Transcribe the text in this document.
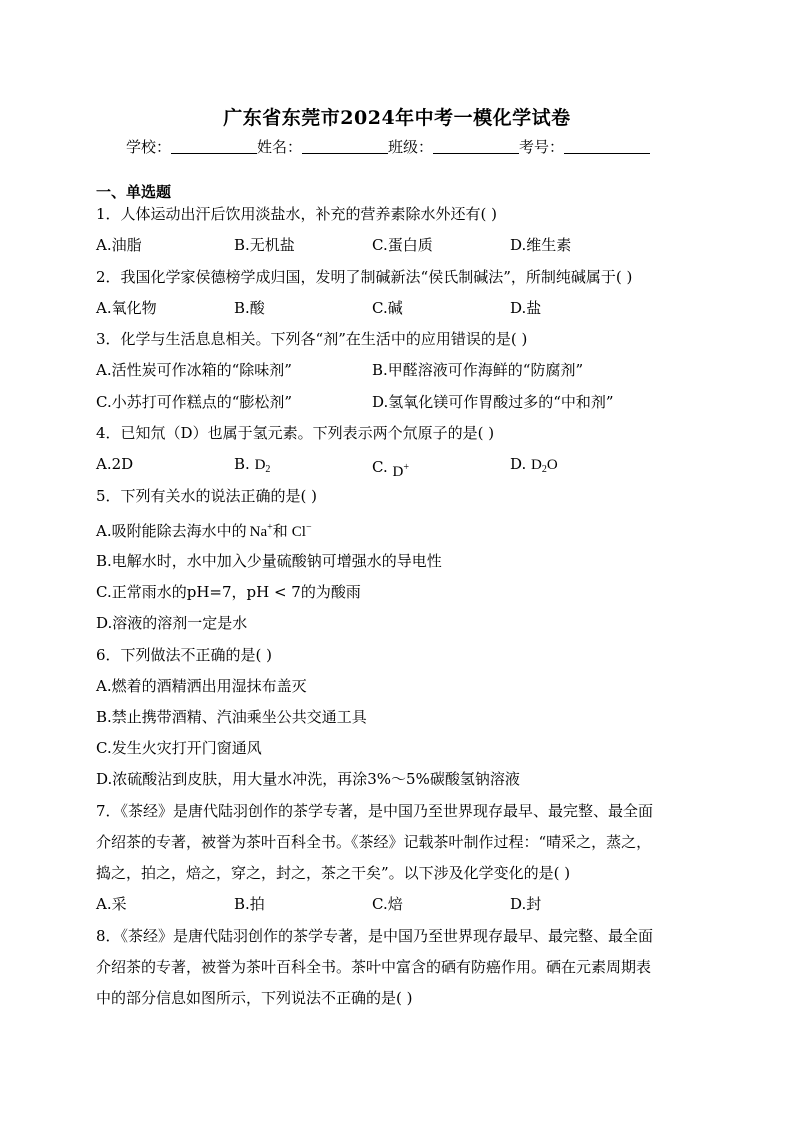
广东省东莞市2024年中考一模化学试卷
学校：	姓名：	班级：	考号：
一、单选题
1．人体运动出汗后饮用淡盐水，补充的营养素除水外还有( )
A.油脂	B.无机盐	C.蛋白质	D.维生素
2．我国化学家侯德榜学成归国，发明了制碱新法“侯氏制碱法”，所制纯碱属于( )
A.氧化物	B.酸	C.碱	D.盐
3．化学与生活息息相关。下列各“剂”在生活中的应用错误的是( )
A.活性炭可作冰箱的“除味剂”	B.甲醛溶液可作海鲜的“防腐剂”
C.小苏打可作糕点的“膨松剂”	D.氢氧化镁可作胃酸过多的“中和剂”
4．已知氘（D）也属于氢元素。下列表示两个氘原子的是( )
A.2D	B. $D_2$	C. D+	D. $D_2O$
5．下列有关水的说法正确的是( )
A.吸附能除去海水中的 Na+和 Cl−
B.电解水时，水中加入少量硫酸钠可增强水的导电性
C.正常雨水的pH=7，pH < 7的为酸雨
D.溶液的溶剂一定是水
6．下列做法不正确的是( )
A.燃着的酒精洒出用湿抹布盖灭
B.禁止携带酒精、汽油乘坐公共交通工具
C.发生火灾打开门窗通风
D.浓硫酸沾到皮肤，用大量水冲洗，再涂3%～5%碳酸氢钠溶液
7．《茶经》是唐代陆羽创作的茶学专著，是中国乃至世界现存最早、最完整、最全面
介绍茶的专著，被誉为茶叶百科全书。《茶经》记载茶叶制作过程：“晴采之，蒸之，
捣之，拍之，焙之，穿之，封之，茶之干矣”。以下涉及化学变化的是( )
A.采	B.拍	C.焙	D.封
8．《茶经》是唐代陆羽创作的茶学专著，是中国乃至世界现存最早、最完整、最全面
介绍茶的专著，被誉为茶叶百科全书。茶叶中富含的硒有防癌作用。硒在元素周期表
中的部分信息如图所示，下列说法不正确的是( )
